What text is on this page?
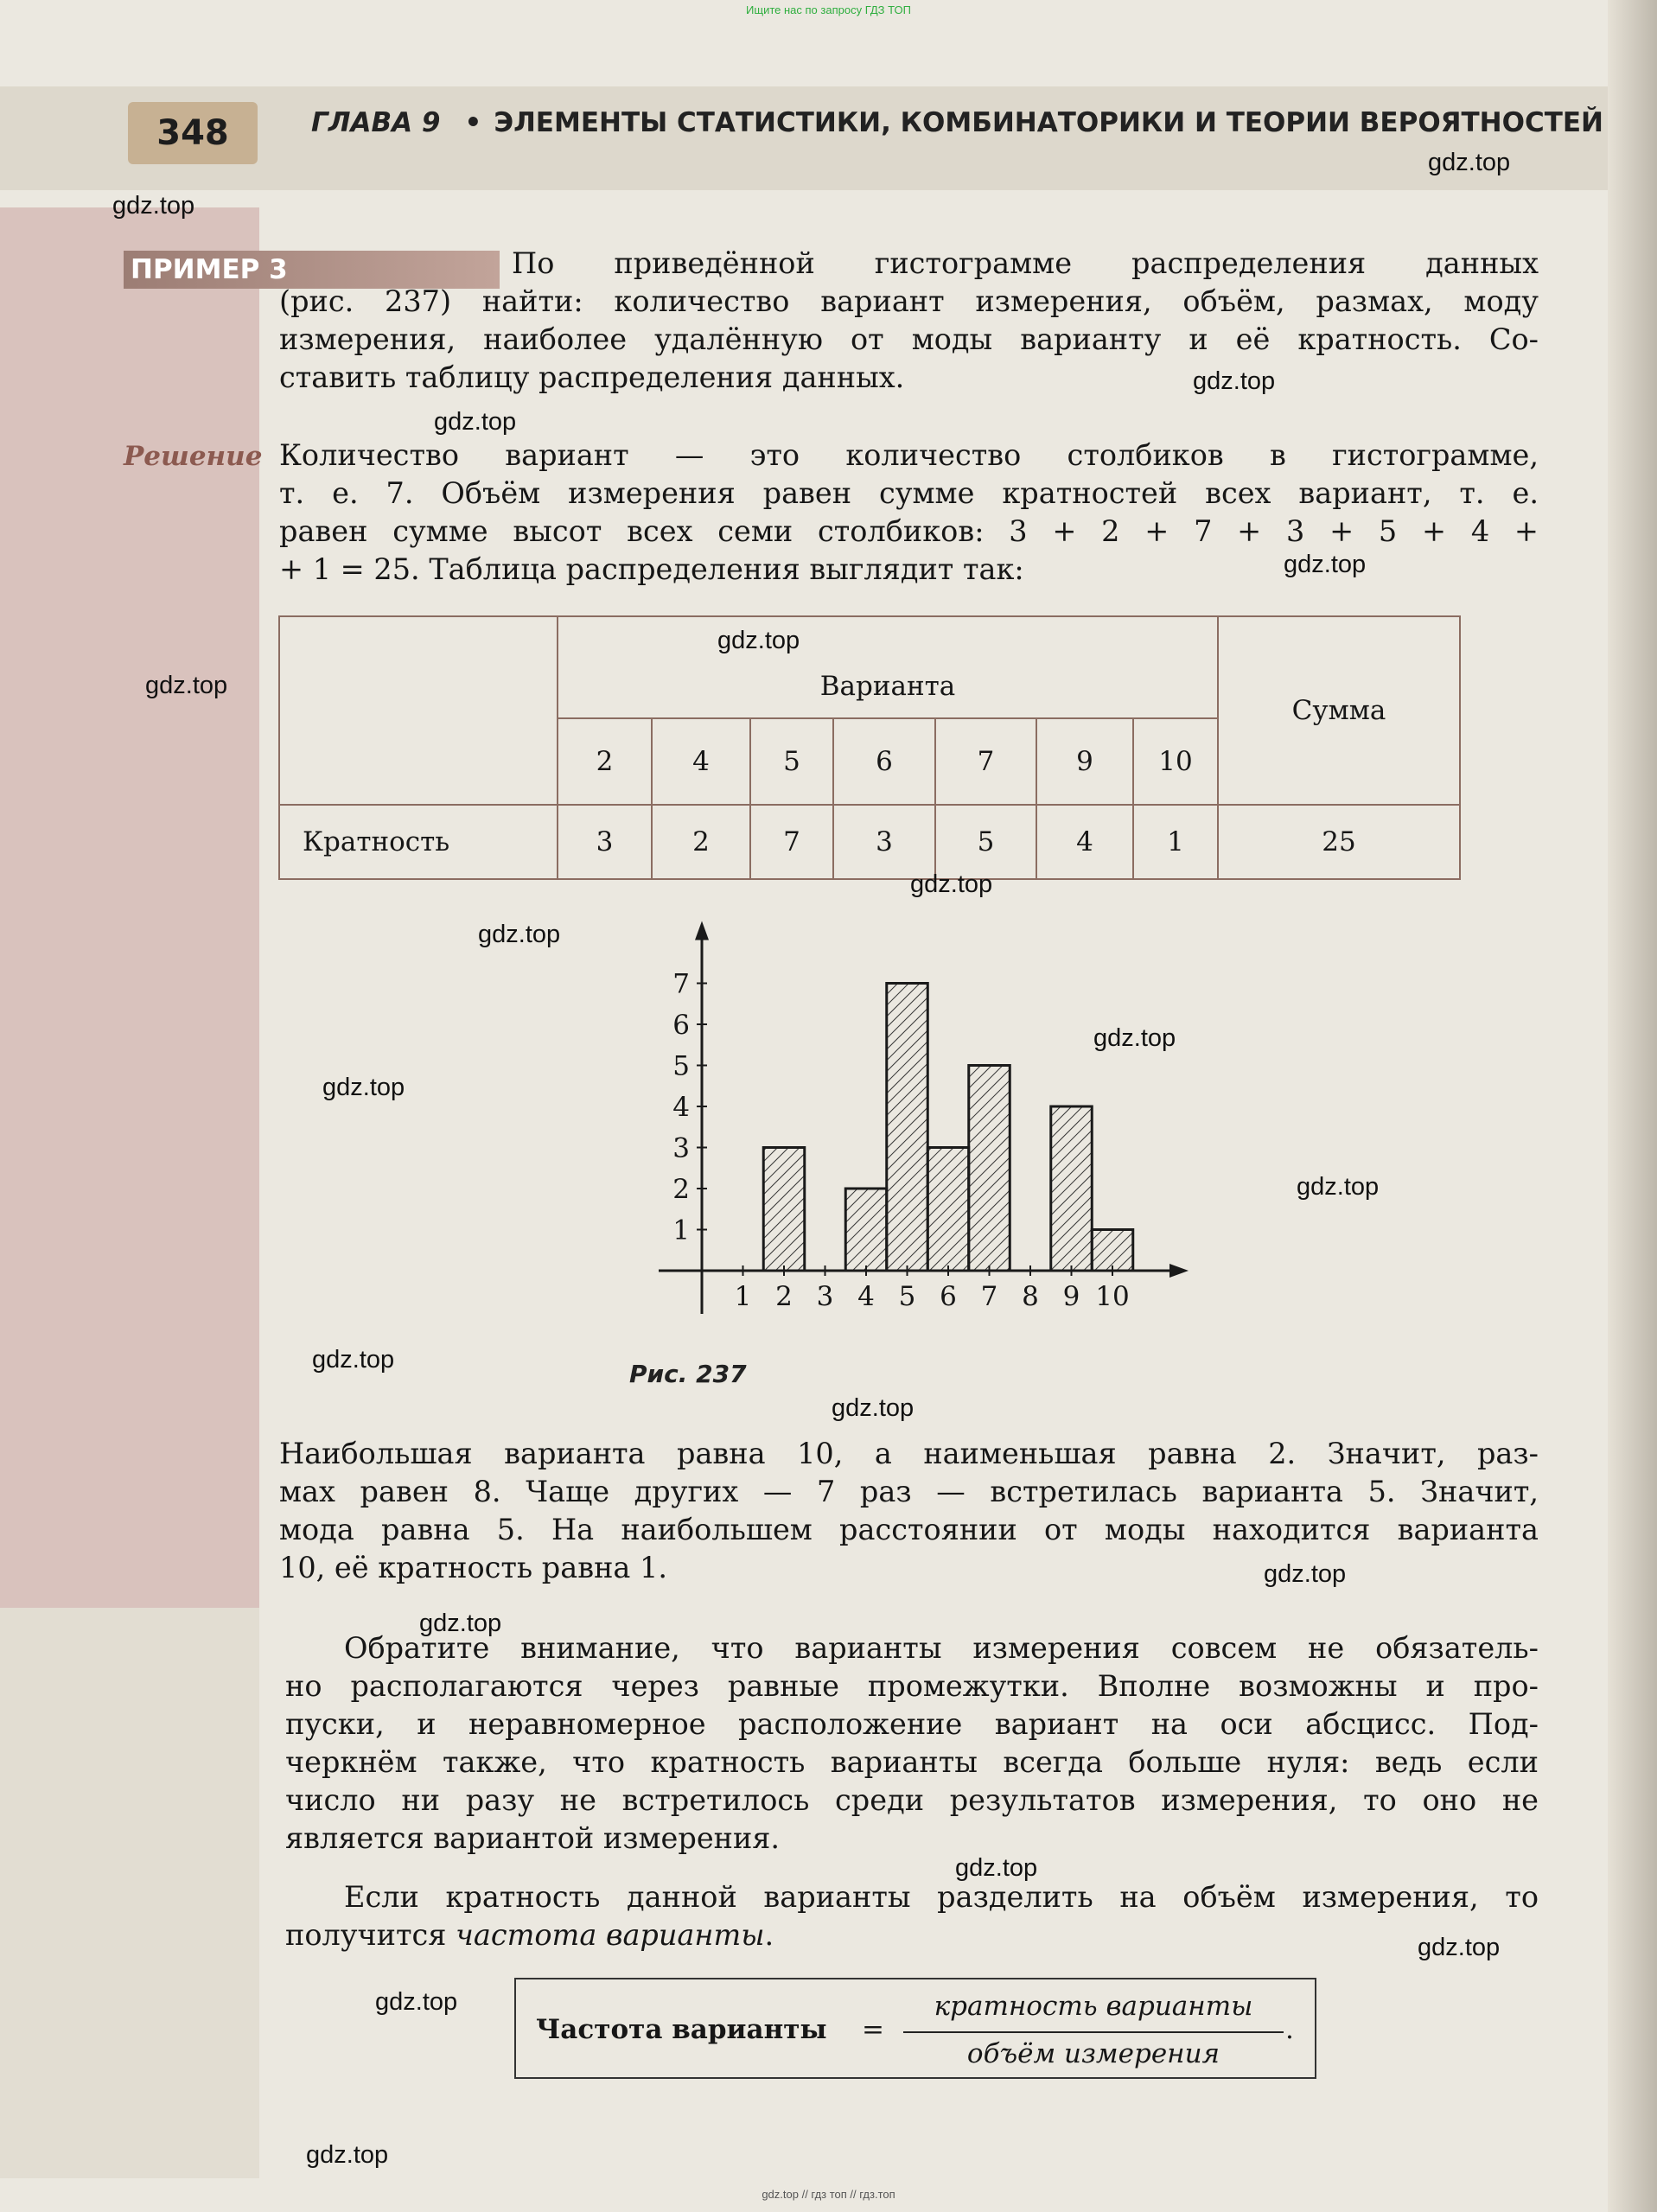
Ищите нас по запросу ГДЗ ТОП
348	ГЛАВА 9 • ЭЛЕМЕНТЫ СТАТИСТИКИ, КОМБИНАТОРИКИ И ТЕОРИИ ВЕРОЯТНОСТЕЙ
ПРИМЕР 3	По приведённой гистограмме распределения данных
(рис. 237) найти: количество вариант измерения, объём, размах, моду
измерения, наиболее удалённую от моды варианту и её кратность. Со-
ставить таблицу распределения данных.
Решение Количество вариант — это количество столбиков в гистограмме,
т. е. 7. Объём измерения равен сумме кратностей всех вариант, т. е.
равен сумме высот всех семи столбиков: 3 + 2 + 7 + 3 + 5 + 4 +
+ 1 = 25. Таблица распределения выглядит так:
	Варианта							Сумма
	2	4	5	6	7	9	10	
Кратность	3	2	7	3	5	4	1	25
1 2 3 4 5 6 7 8 9 10
1
2
3
4
5
6
7
Рис. 237
Наибольшая варианта равна 10, а наименьшая равна 2. Значит, раз-
мах равен 8. Чаще других — 7 раз — встретилась варианта 5. Значит,
мода равна 5. На наибольшем расстоянии от моды находится варианта
10, её кратность равна 1.
Обратите внимание, что варианты измерения совсем не обязатель-
но располагаются через равные промежутки. Вполне возможны и про-
пуски, и неравномерное расположение вариант на оси абсцисс. Под-
черкнём также, что кратность варианты всегда больше нуля: ведь если
число ни разу не встретилось среди результатов измерения, то оно не
является вариантой измерения.
Если кратность данной варианты разделить на объём измерения, то
получится частота варианты.
Частота варианты =
кратность варианты
объём измерения
.
gdz.top
gdz.top
gdz.top
gdz.top
gdz.top
gdz.top
gdz.top
gdz.top
gdz.top
gdz.top
gdz.top
gdz.top
gdz.top
gdz.top
gdz.top
gdz.top
gdz.top
gdz.top
gdz.top
gdz.top
gdz.top // гдз топ // гдз.топ
